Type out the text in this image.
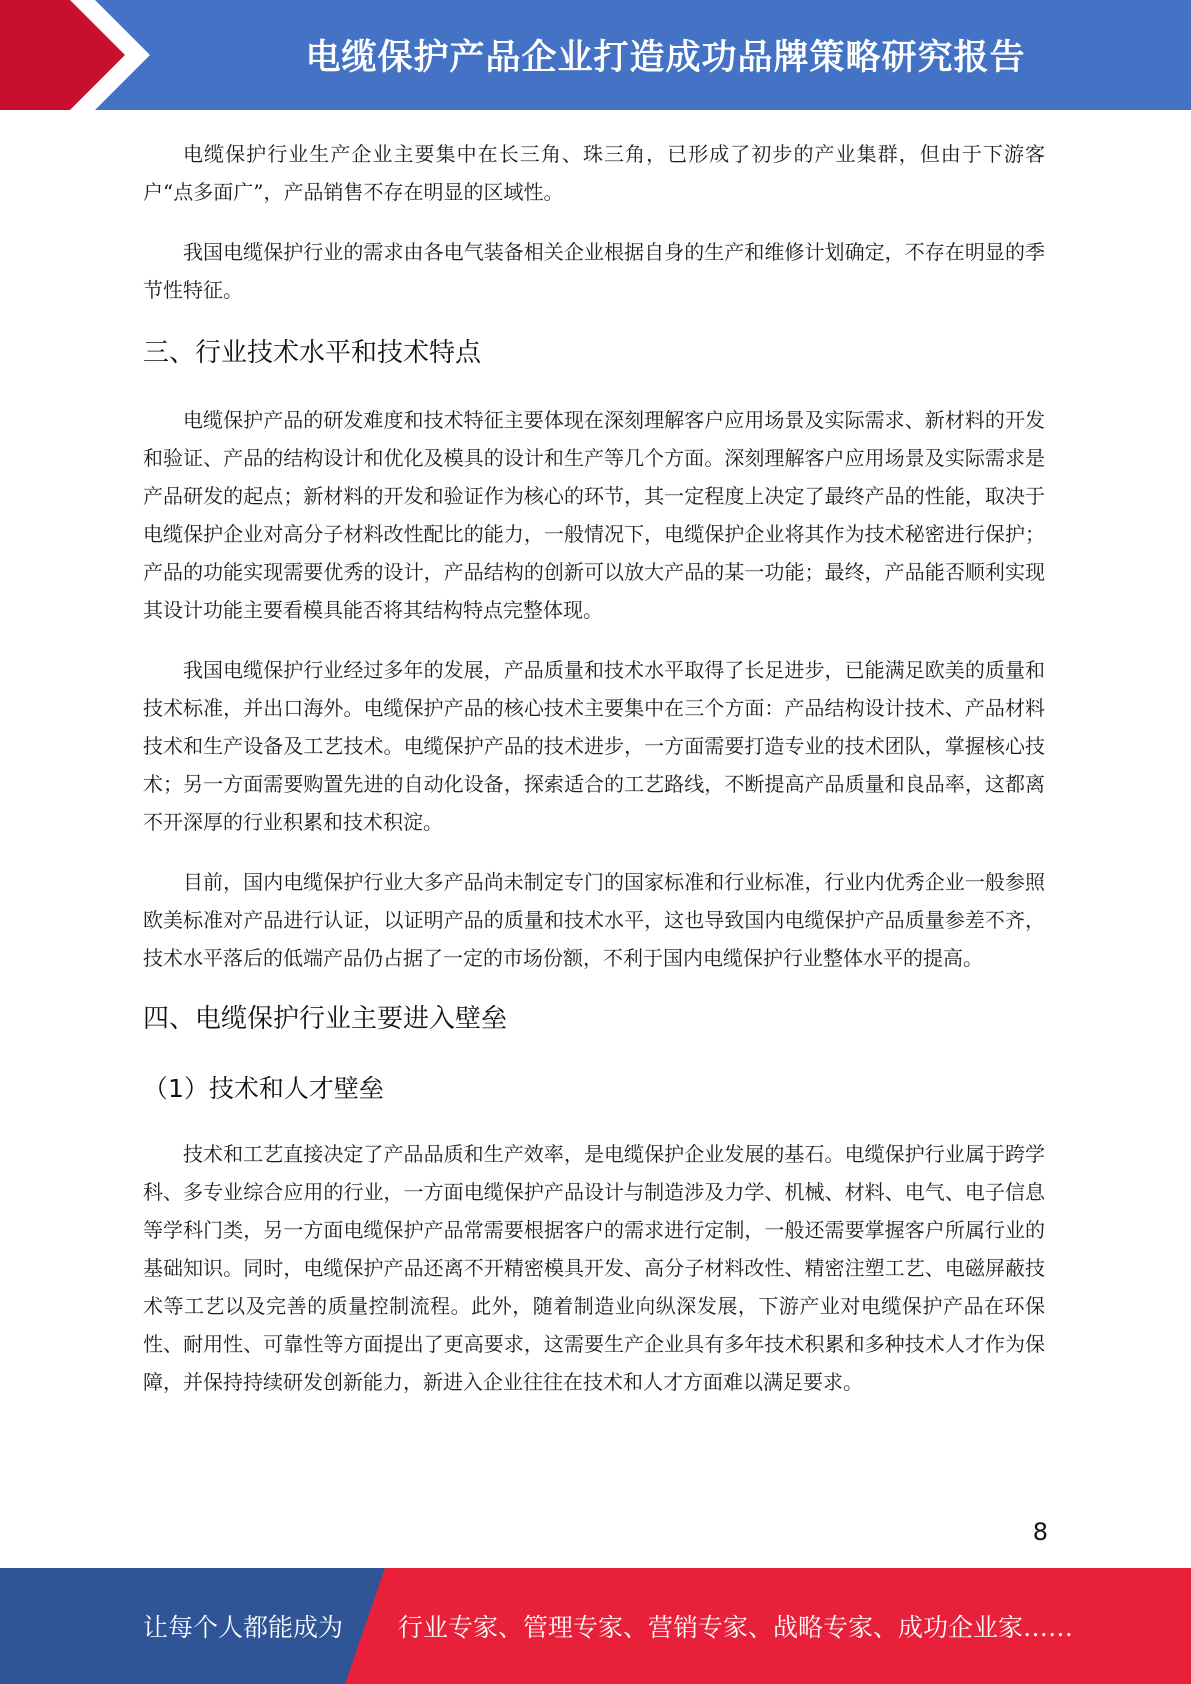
电缆保护产品企业打造成功品牌策略研究报告

电缆保护行业生产企业主要集中在长三角、珠三角，已形成了初步的产业集群，但由于下游客户“点多面广”，产品销售不存在明显的区域性。

我国电缆保护行业的需求由各电气装备相关企业根据自身的生产和维修计划确定，不存在明显的季节性特征。

三、行业技术水平和技术特点

电缆保护产品的研发难度和技术特征主要体现在深刻理解客户应用场景及实际需求、新材料的开发和验证、产品的结构设计和优化及模具的设计和生产等几个方面。深刻理解客户应用场景及实际需求是产品研发的起点；新材料的开发和验证作为核心的环节，其一定程度上决定了最终产品的性能，取决于电缆保护企业对高分子材料改性配比的能力，一般情况下，电缆保护企业将其作为技术秘密进行保护；产品的功能实现需要优秀的设计，产品结构的创新可以放大产品的某一功能；最终，产品能否顺利实现其设计功能主要看模具能否将其结构特点完整体现。

我国电缆保护行业经过多年的发展，产品质量和技术水平取得了长足进步，已能满足欧美的质量和技术标准，并出口海外。电缆保护产品的核心技术主要集中在三个方面：产品结构设计技术、产品材料技术和生产设备及工艺技术。电缆保护产品的技术进步，一方面需要打造专业的技术团队，掌握核心技术；另一方面需要购置先进的自动化设备，探索适合的工艺路线，不断提高产品质量和良品率，这都离不开深厚的行业积累和技术积淀。

目前，国内电缆保护行业大多产品尚未制定专门的国家标准和行业标准，行业内优秀企业一般参照欧美标准对产品进行认证，以证明产品的质量和技术水平，这也导致国内电缆保护产品质量参差不齐，技术水平落后的低端产品仍占据了一定的市场份额，不利于国内电缆保护行业整体水平的提高。

四、电缆保护行业主要进入壁垒
（1）技术和人才壁垒

技术和工艺直接决定了产品品质和生产效率，是电缆保护企业发展的基石。电缆保护行业属于跨学科、多专业综合应用的行业，一方面电缆保护产品设计与制造涉及力学、机械、材料、电气、电子信息等学科门类，另一方面电缆保护产品常需要根据客户的需求进行定制，一般还需要掌握客户所属行业的基础知识。同时，电缆保护产品还离不开精密模具开发、高分子材料改性、精密注塑工艺、电磁屏蔽技术等工艺以及完善的质量控制流程。此外，随着制造业向纵深发展，下游产业对电缆保护产品在环保性、耐用性、可靠性等方面提出了更高要求，这需要生产企业具有多年技术积累和多种技术人才作为保障，并保持持续研发创新能力，新进入企业往往在技术和人才方面难以满足要求。

8
让每个人都能成为 行业专家、管理专家、营销专家、战略专家、成功企业家……
